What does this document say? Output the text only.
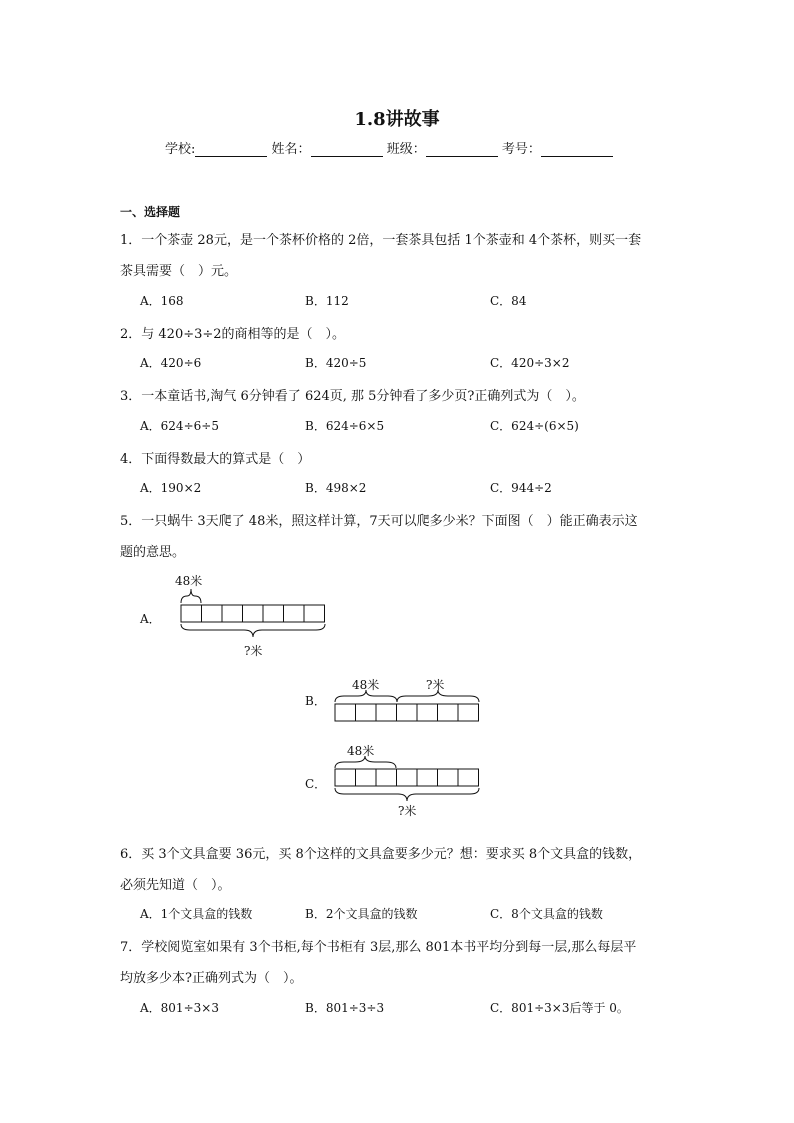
1.8讲故事
学校:	姓名：	班级：	考号：
一、选择题
1．一个茶壶 28元，是一个茶杯价格的 2倍，一套茶具包括 1个茶壶和 4个茶杯，则买一套
茶具需要（　）元。
A．168	B．112	C．84
2．与 420÷3÷2的商相等的是（　）。
A．420÷6	B．420÷5	C．420÷3×2
3．一本童话书,淘气 6分钟看了 624页, 那 5分钟看了多少页?正确列式为（　）。
A．624÷6÷5	B．624÷6×5	C．624÷(6×5)
4．下面得数最大的算式是（　）
A．190×2	B．498×2	C．944÷2
5．一只蜗牛 3天爬了 48米，照这样计算，7天可以爬多少米？下面图（　）能正确表示这
题的意思。
A．
48米
?米
B．
48米	?米
C．
48米
?米
6．买 3个文具盒要 36元，买 8个这样的文具盒要多少元？想：要求买 8个文具盒的钱数，
必须先知道（　）。
A．1个文具盒的钱数	B．2个文具盒的钱数	C．8个文具盒的钱数
7．学校阅览室如果有 3个书柜,每个书柜有 3层,那么 801本书平均分到每一层,那么每层平
均放多少本?正确列式为（　）。
A．801÷3×3	B．801÷3÷3	C．801÷3×3后等于 0。
